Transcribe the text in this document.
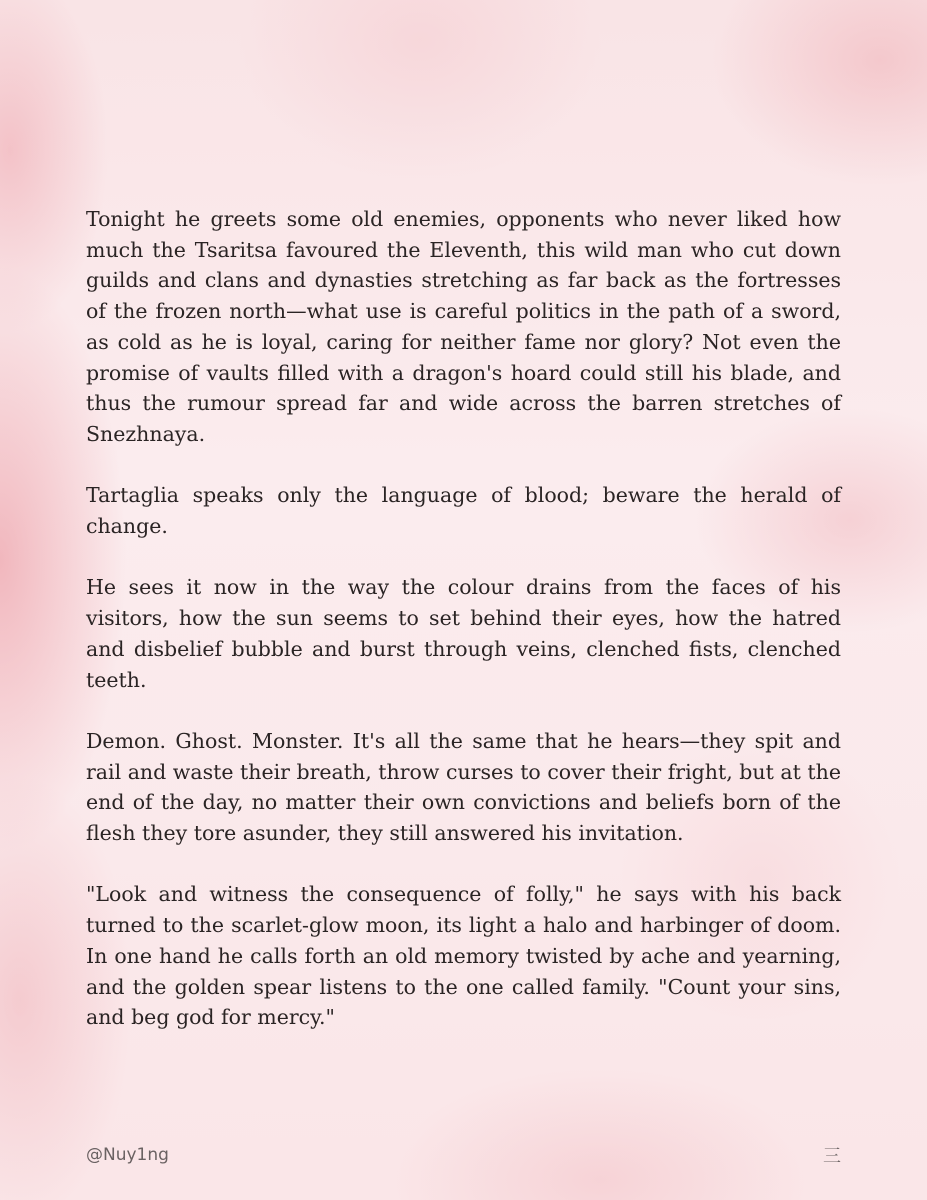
Tonight he greets some old enemies, opponents who never liked how much the Tsaritsa favoured the Eleventh, this wild man who cut down guilds and clans and dynasties stretching as far back as the fortresses of the frozen north—what use is careful politics in the path of a sword, as cold as he is loyal, caring for neither fame nor glory? Not even the promise of vaults filled with a dragon's hoard could still his blade, and thus the rumour spread far and wide across the barren stretches of Snezhnaya.

Tartaglia speaks only the language of blood; beware the herald of change.

He sees it now in the way the colour drains from the faces of his visitors, how the sun seems to set behind their eyes, how the hatred and disbelief bubble and burst through veins, clenched fists, clenched teeth.

Demon. Ghost. Monster. It's all the same that he hears—they spit and rail and waste their breath, throw curses to cover their fright, but at the end of the day, no matter their own convictions and beliefs born of the flesh they tore asunder, they still answered his invitation.

"Look and witness the consequence of folly," he says with his back turned to the scarlet-glow moon, its light a halo and harbinger of doom. In one hand he calls forth an old memory twisted by ache and yearning, and the golden spear listens to the one called family. "Count your sins, and beg god for mercy."

@Nuy1ng	三
